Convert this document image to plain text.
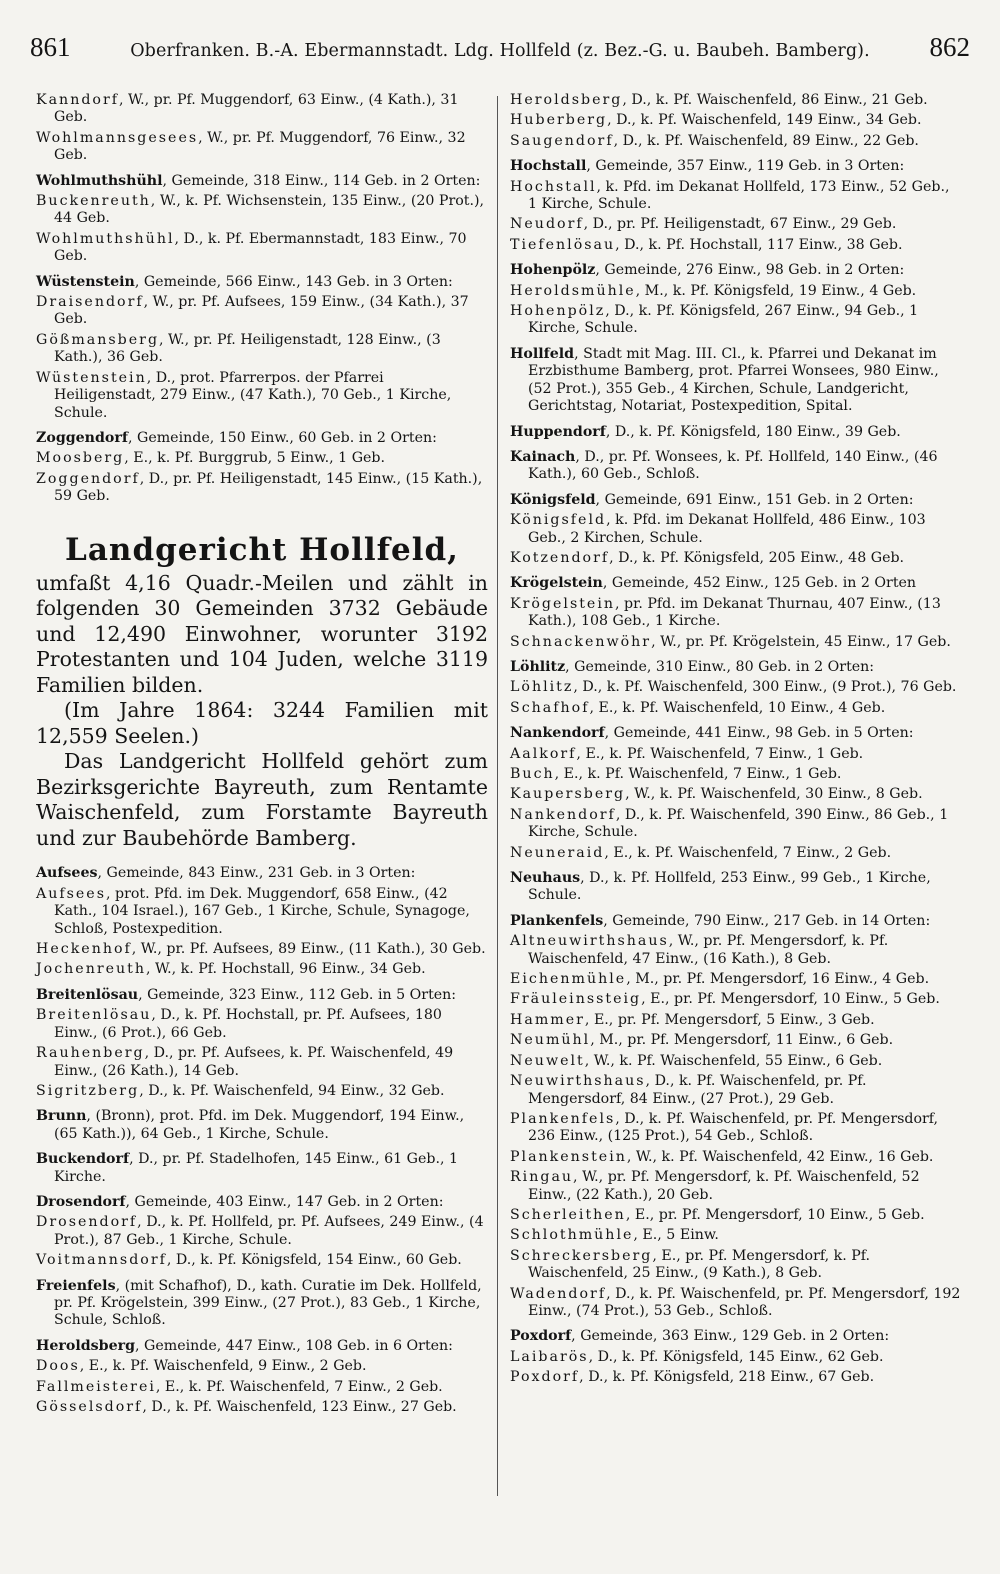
861	Oberfranken. B.-A. Ebermannstadt. Ldg. Hollfeld (z. Bez.-G. u. Baubeh. Bamberg). 862

Kanndorf, W., pr. Pf. Muggendorf, 63 Einw., (4 Kath.), 31 Geb.

Wohlmannsgesees, W., pr. Pf. Muggendorf, 76 Einw., 32 Geb.

Wohlmuthshühl, Gemeinde, 318 Einw., 114 Geb. in 2 Orten:

Buckenreuth, W., k. Pf. Wichsenstein, 135 Einw., (20 Prot.), 44 Geb.

Wohlmuthshühl, D., k. Pf. Ebermannstadt, 183 Einw., 70 Geb.

Wüstenstein, Gemeinde, 566 Einw., 143 Geb. in 3 Orten:

Draisendorf, W., pr. Pf. Aufsees, 159 Einw., (34 Kath.), 37 Geb.

Gößmansberg, W., pr. Pf. Heiligenstadt, 128 Einw., (3 Kath.), 36 Geb.

Wüstenstein, D., prot. Pfarrerpos. der Pfarrei Heiligenstadt, 279 Einw., (47 Kath.), 70 Geb., 1 Kirche, Schule.

Zoggendorf, Gemeinde, 150 Einw., 60 Geb. in 2 Orten:

Moosberg, E., k. Pf. Burggrub, 5 Einw., 1 Geb.

Zoggendorf, D., pr. Pf. Heiligenstadt, 145 Einw., (15 Kath.), 59 Geb.

Landgericht Hollfeld,

umfaßt 4,16 Quadr.-Meilen und zählt in folgenden 30 Gemeinden 3732 Gebäude und 12,490 Einwohner, worunter 3192 Protestanten und 104 Juden, welche 3119 Familien bilden.

(Im Jahre 1864: 3244 Familien mit 12,559 Seelen.)

Das Landgericht Hollfeld gehört zum Bezirksgerichte Bayreuth, zum Rentamte Waischenfeld, zum Forstamte Bayreuth und zur Baubehörde Bamberg.

Aufsees, Gemeinde, 843 Einw., 231 Geb. in 3 Orten:

Aufsees, prot. Pfd. im Dek. Muggendorf, 658 Einw., (42 Kath., 104 Israel.), 167 Geb., 1 Kirche, Schule, Synagoge, Schloß, Postexpedition.

Heckenhof, W., pr. Pf. Aufsees, 89 Einw., (11 Kath.), 30 Geb.

Jochenreuth, W., k. Pf. Hochstall, 96 Einw., 34 Geb.

Breitenlösau, Gemeinde, 323 Einw., 112 Geb. in 5 Orten:

Breitenlösau, D., k. Pf. Hochstall, pr. Pf. Aufsees, 180 Einw., (6 Prot.), 66 Geb.

Rauhenberg, D., pr. Pf. Aufsees, k. Pf. Waischenfeld, 49 Einw., (26 Kath.), 14 Geb.

Sigritzberg, D., k. Pf. Waischenfeld, 94 Einw., 32 Geb.

Brunn, (Bronn), prot. Pfd. im Dek. Muggendorf, 194 Einw., (65 Kath.)), 64 Geb., 1 Kirche, Schule.

Buckendorf, D., pr. Pf. Stadelhofen, 145 Einw., 61 Geb., 1 Kirche.

Drosendorf, Gemeinde, 403 Einw., 147 Geb. in 2 Orten:

Drosendorf, D., k. Pf. Hollfeld, pr. Pf. Aufsees, 249 Einw., (4 Prot.), 87 Geb., 1 Kirche, Schule.

Voitmannsdorf, D., k. Pf. Königsfeld, 154 Einw., 60 Geb.

Freienfels, (mit Schafhof), D., kath. Curatie im Dek. Hollfeld, pr. Pf. Krögelstein, 399 Einw., (27 Prot.), 83 Geb., 1 Kirche, Schule, Schloß.

Heroldsberg, Gemeinde, 447 Einw., 108 Geb. in 6 Orten:

Doos, E., k. Pf. Waischenfeld, 9 Einw., 2 Geb.

Fallmeisterei, E., k. Pf. Waischenfeld, 7 Einw., 2 Geb.

Gösselsdorf, D., k. Pf. Waischenfeld, 123 Einw., 27 Geb.

Heroldsberg, D., k. Pf. Waischenfeld, 86 Einw., 21 Geb.

Huberberg, D., k. Pf. Waischenfeld, 149 Einw., 34 Geb.

Saugendorf, D., k. Pf. Waischenfeld, 89 Einw., 22 Geb.

Hochstall, Gemeinde, 357 Einw., 119 Geb. in 3 Orten:

Hochstall, k. Pfd. im Dekanat Hollfeld, 173 Einw., 52 Geb., 1 Kirche, Schule.

Neudorf, D., pr. Pf. Heiligenstadt, 67 Einw., 29 Geb.

Tiefenlösau, D., k. Pf. Hochstall, 117 Einw., 38 Geb.

Hohenpölz, Gemeinde, 276 Einw., 98 Geb. in 2 Orten:

Heroldsmühle, M., k. Pf. Königsfeld, 19 Einw., 4 Geb.

Hohenpölz, D., k. Pf. Königsfeld, 267 Einw., 94 Geb., 1 Kirche, Schule.

Hollfeld, Stadt mit Mag. III. Cl., k. Pfarrei und Dekanat im Erzbisthume Bamberg, prot. Pfarrei Wonsees, 980 Einw., (52 Prot.), 355 Geb., 4 Kirchen, Schule, Landgericht, Gerichtstag, Notariat, Postexpedition, Spital.

Huppendorf, D., k. Pf. Königsfeld, 180 Einw., 39 Geb.

Kainach, D., pr. Pf. Wonsees, k. Pf. Hollfeld, 140 Einw., (46 Kath.), 60 Geb., Schloß.

Königsfeld, Gemeinde, 691 Einw., 151 Geb. in 2 Orten:

Königsfeld, k. Pfd. im Dekanat Hollfeld, 486 Einw., 103 Geb., 2 Kirchen, Schule.

Kotzendorf, D., k. Pf. Königsfeld, 205 Einw., 48 Geb.

Krögelstein, Gemeinde, 452 Einw., 125 Geb. in 2 Orten

Krögelstein, pr. Pfd. im Dekanat Thurnau, 407 Einw., (13 Kath.), 108 Geb., 1 Kirche.

Schnackenwöhr, W., pr. Pf. Krögelstein, 45 Einw., 17 Geb.

Löhlitz, Gemeinde, 310 Einw., 80 Geb. in 2 Orten:

Löhlitz, D., k. Pf. Waischenfeld, 300 Einw., (9 Prot.), 76 Geb.

Schafhof, E., k. Pf. Waischenfeld, 10 Einw., 4 Geb.

Nankendorf, Gemeinde, 441 Einw., 98 Geb. in 5 Orten:

Aalkorf, E., k. Pf. Waischenfeld, 7 Einw., 1 Geb.

Buch, E., k. Pf. Waischenfeld, 7 Einw., 1 Geb.

Kaupersberg, W., k. Pf. Waischenfeld, 30 Einw., 8 Geb.

Nankendorf, D., k. Pf. Waischenfeld, 390 Einw., 86 Geb., 1 Kirche, Schule.

Neuneraid, E., k. Pf. Waischenfeld, 7 Einw., 2 Geb.

Neuhaus, D., k. Pf. Hollfeld, 253 Einw., 99 Geb., 1 Kirche, Schule.

Plankenfels, Gemeinde, 790 Einw., 217 Geb. in 14 Orten:

Altneuwirthshaus, W., pr. Pf. Mengersdorf, k. Pf. Waischenfeld, 47 Einw., (16 Kath.), 8 Geb.

Eichenmühle, M., pr. Pf. Mengersdorf, 16 Einw., 4 Geb.

Fräuleinssteig, E., pr. Pf. Mengersdorf, 10 Einw., 5 Geb.

Hammer, E., pr. Pf. Mengersdorf, 5 Einw., 3 Geb.

Neumühl, M., pr. Pf. Mengersdorf, 11 Einw., 6 Geb.

Neuwelt, W., k. Pf. Waischenfeld, 55 Einw., 6 Geb.

Neuwirthshaus, D., k. Pf. Waischenfeld, pr. Pf. Mengersdorf, 84 Einw., (27 Prot.), 29 Geb.

Plankenfels, D., k. Pf. Waischenfeld, pr. Pf. Mengersdorf, 236 Einw., (125 Prot.), 54 Geb., Schloß.

Plankenstein, W., k. Pf. Waischenfeld, 42 Einw., 16 Geb.

Ringau, W., pr. Pf. Mengersdorf, k. Pf. Waischenfeld, 52 Einw., (22 Kath.), 20 Geb.

Scherleithen, E., pr. Pf. Mengersdorf, 10 Einw., 5 Geb.

Schlothmühle, E., 5 Einw.

Schreckersberg, E., pr. Pf. Mengersdorf, k. Pf. Waischenfeld, 25 Einw., (9 Kath.), 8 Geb.

Wadendorf, D., k. Pf. Waischenfeld, pr. Pf. Mengersdorf, 192 Einw., (74 Prot.), 53 Geb., Schloß.

Poxdorf, Gemeinde, 363 Einw., 129 Geb. in 2 Orten:

Laibarös, D., k. Pf. Königsfeld, 145 Einw., 62 Geb.

Poxdorf, D., k. Pf. Königsfeld, 218 Einw., 67 Geb.
